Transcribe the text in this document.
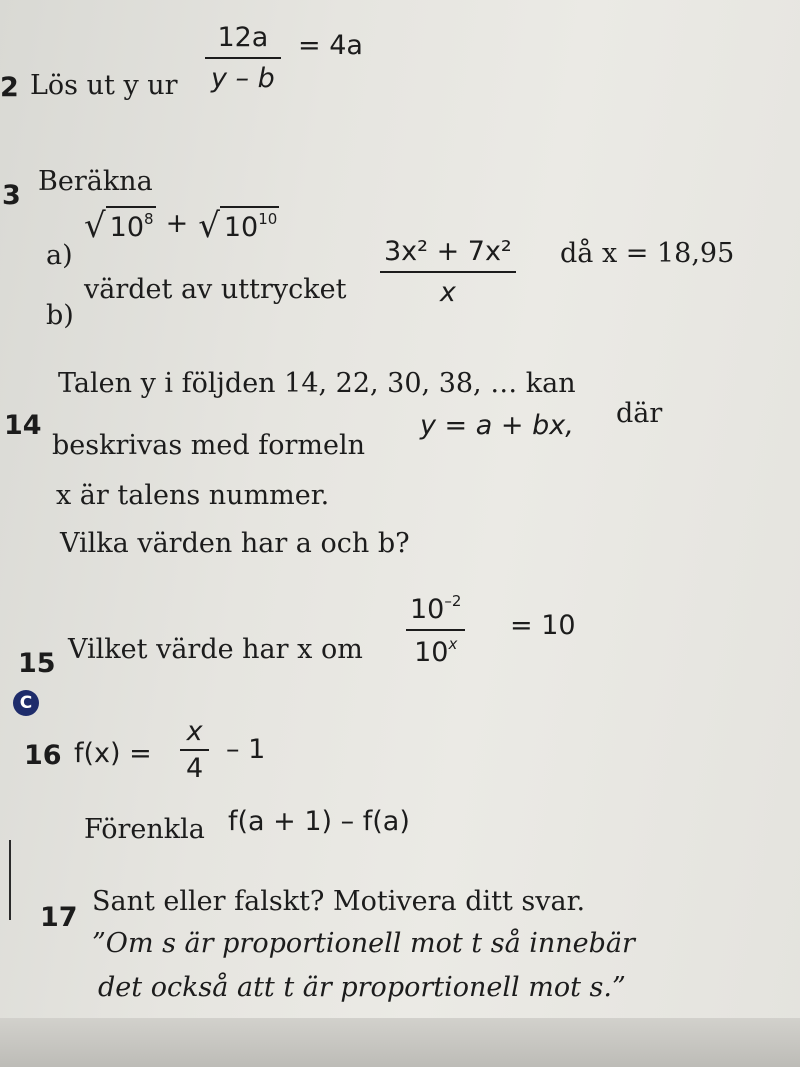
2 Lös ut y ur
12a
y – b
= 4a
3 Beräkna
a)
√ $10^8$ + √ $10^{10}$
b)
värdet av uttrycket
3x² + 7x²
x
då x = 18,95
14
Talen y i följden 14, 22, 30, 38, … kan
beskrivas med formeln
y = a + bx, där
x är talens nummer.
Vilka värden har a och b?
15 Vilket värde har x om
$10^{-2}$
$10^x$
= 10
C
16 f(x) =
x
4
– 1
Förenkla f(a + 1) – f(a)
17
Sant eller falskt? Motivera ditt svar.
”Om s är proportionell mot t så innebär
det också att t är proportionell mot s.”
